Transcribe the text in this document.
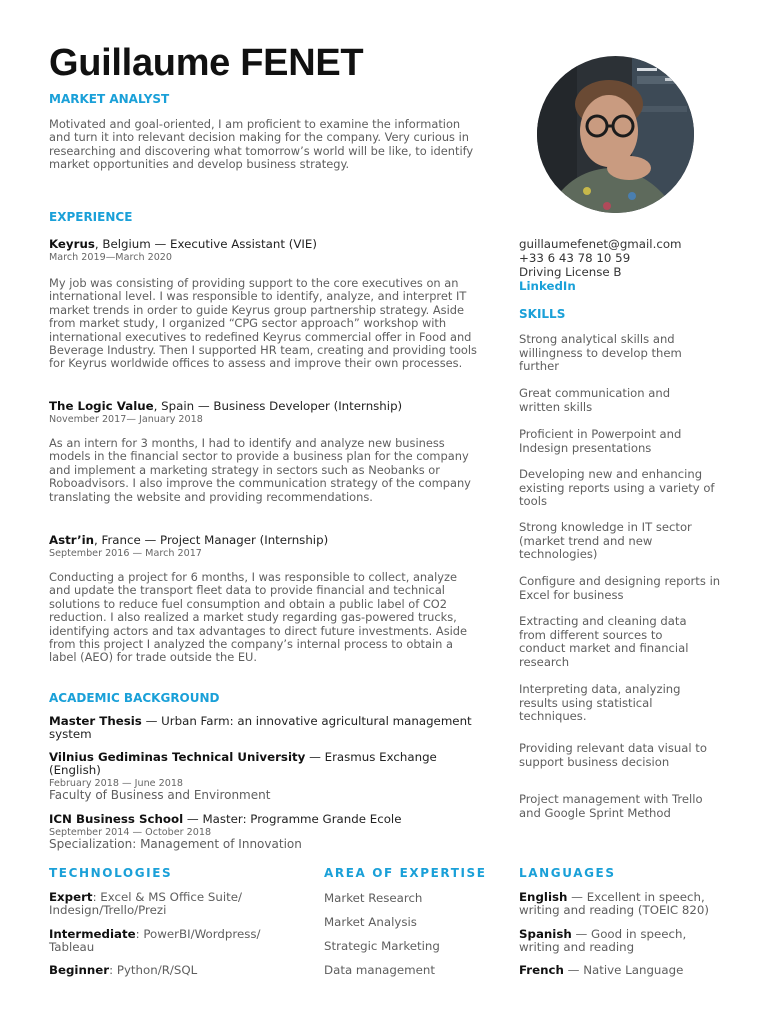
Guillaume FENET

MARKET ANALYST

Motivated and goal-oriented, I am proficient to examine the information and turn it into relevant decision making for the company. Very curious in researching and discovering what tomorrow’s world will be like, to identify market opportunities and develop business strategy.

guillaumefenet@gmail.com

+33 6 43 78 10 59

Driving License B

LinkedIn

EXPERIENCE

Keyrus, Belgium — Executive Assistant (VIE)

March 2019—March 2020

My job was consisting of providing support to the core executives on an international level. I was responsible to identify, analyze, and interpret IT market trends in order to guide Keyrus group partnership strategy. Aside from market study, I organized “CPG sector approach” workshop with international executives to redefined Keyrus commercial offer in Food and Beverage Industry. Then I supported HR team, creating and providing tools for Keyrus worldwide offices to assess and improve their own processes.

The Logic Value, Spain — Business Developer (Internship)

November 2017— January 2018

As an intern for 3 months, I had to identify and analyze new business models in the financial sector to provide a business plan for the company and implement a marketing strategy in sectors such as Neobanks or Roboadvisors. I also improve the communication strategy of the company translating the website and providing recommendations.

Astr’in, France — Project Manager (Internship)

September 2016 — March 2017

Conducting a project for 6 months, I was responsible to collect, analyze and update the transport fleet data to provide financial and technical solutions to reduce fuel consumption and obtain a public label of CO2 reduction. I also realized a market study regarding gas-powered trucks, identifying actors and tax advantages to direct future investments. Aside from this project I analyzed the company’s internal process to obtain a label (AEO) for trade outside the EU.

ACADEMIC BACKGROUND

Master Thesis — Urban Farm: an innovative agricultural management system

Vilnius Gediminas Technical University — Erasmus Exchange (English)

February 2018 — June 2018

Faculty of Business and Environment

ICN Business School — Master: Programme Grande Ecole

September 2014 — October 2018

Specialization: Management of Innovation

SKILLS

Strong analytical skills and willingness to develop them further

Great communication and written skills

Proficient in Powerpoint and Indesign presentations

Developing new and enhancing existing reports using a variety of tools

Strong knowledge in IT sector (market trend and new technologies)

Configure and designing reports in Excel for business

Extracting and cleaning data from different sources to conduct market and financial research

Interpreting data, analyzing results using statistical techniques.

Providing relevant data visual to support business decision

Project management with Trello and Google Sprint Method

TECHNOLOGIES

Expert: Excel & MS Office Suite/ Indesign/Trello/Prezi

Intermediate: PowerBI/Wordpress/ Tableau

Beginner: Python/R/SQL

AREA OF EXPERTISE

Market Research

Market Analysis

Strategic Marketing

Data management

LANGUAGES

English — Excellent in speech, writing and reading (TOEIC 820)

Spanish — Good in speech, writing and reading

French — Native Language
